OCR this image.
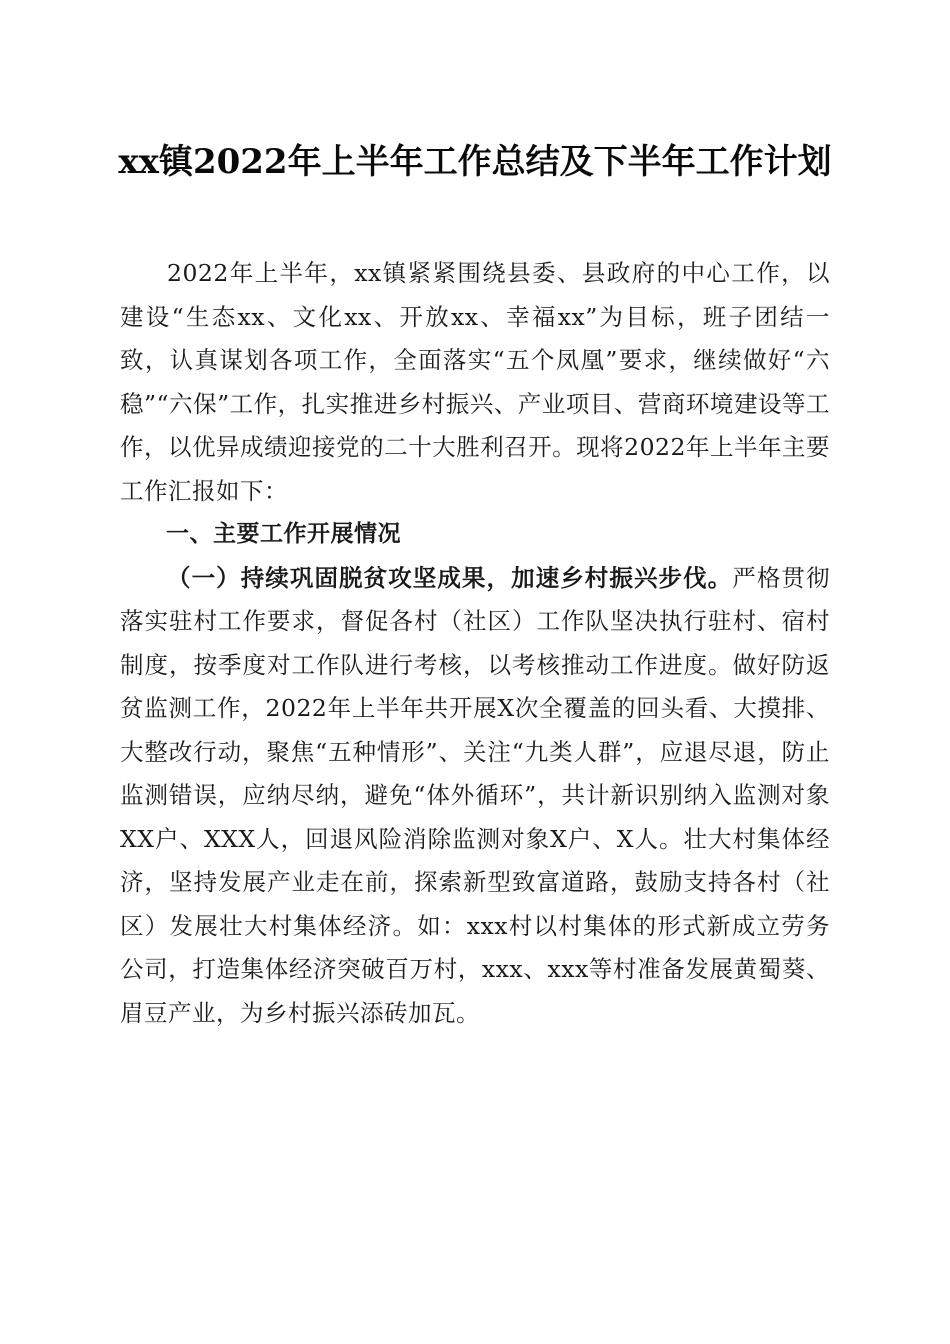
xx镇2022年上半年工作总结及下半年工作计划

2022年上半年，xx镇紧紧围绕县委、县政府的中心工作，以建设“生态xx、文化xx、开放xx、幸福xx”为目标，班子团结一致，认真谋划各项工作，全面落实“五个凤凰”要求，继续做好“六稳”“六保”工作，扎实推进乡村振兴、产业项目、营商环境建设等工作，以优异成绩迎接党的二十大胜利召开。现将2022年上半年主要工作汇报如下：

一、主要工作开展情况

（一）持续巩固脱贫攻坚成果，加速乡村振兴步伐。严格贯彻落实驻村工作要求，督促各村（社区）工作队坚决执行驻村、宿村制度，按季度对工作队进行考核，以考核推动工作进度。做好防返贫监测工作，2022年上半年共开展X次全覆盖的回头看、大摸排、大整改行动，聚焦“五种情形”、关注“九类人群”，应退尽退，防止监测错误，应纳尽纳，避免“体外循环”，共计新识别纳入监测对象XX户、XXX人，回退风险消除监测对象X户、X人。壮大村集体经济，坚持发展产业走在前，探索新型致富道路，鼓励支持各村（社区）发展壮大村集体经济。如：xxx村以村集体的形式新成立劳务公司，打造集体经济突破百万村，xxx、xxx等村准备发展黄蜀葵、眉豆产业，为乡村振兴添砖加瓦。
